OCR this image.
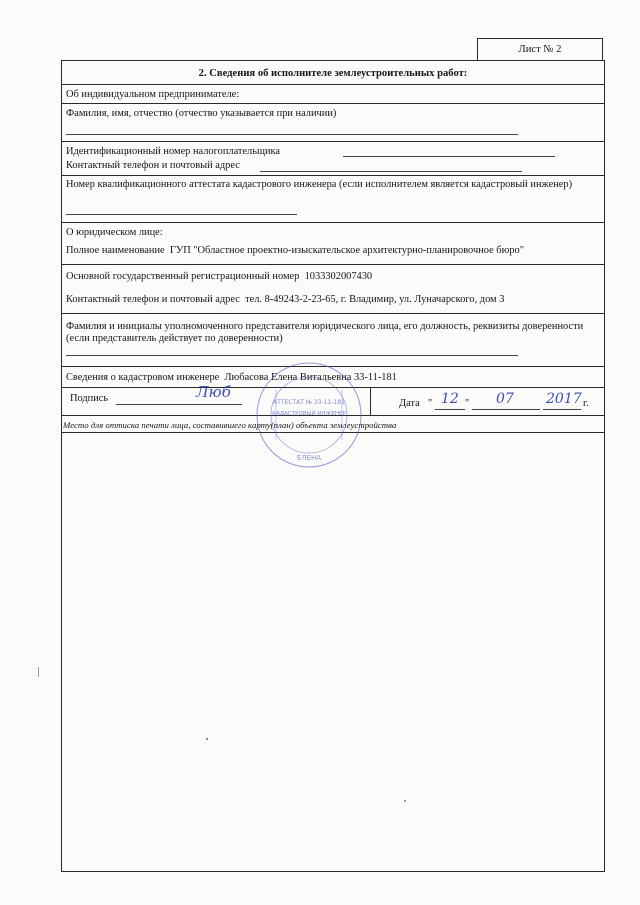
Лист № 2
2. Сведения об исполнителе землеустроительных работ:
Об индивидуальном предпринимателе:
Фамилия, имя, отчество (отчество указывается при наличии)
Идентификационный номер налогоплательщика
Контактный телефон и почтовый адрес
Номер квалификационного аттестата кадастрового инженера (если исполнителем является кадастровый инженер)
О юридическом лице:
Полное наименование ГУП "Областное проектно-изыскательское архитектурно-планировочное бюро"
Основной государственный регистрационный номер 1033302007430
Контактный телефон и почтовый адрес тел. 8-49243-2-23-65, г. Владимир, ул. Луначарского, дом 3
Фамилия и инициалы уполномоченного представителя юридического лица, его должность, реквизиты доверенности (если представитель действует по доверенности)
Сведения о кадастровом инженере Любасова Елена Витальевна 33-11-181
Подпись	Люб
Дата " 12 " 07 2017 г.
Место для оттиска печати лица, составившего карту(план) объекта землеустройства
АТТЕСТАТ № 33-11-181
КАДАСТРОВЫЙ ИНЖЕНЕР
ЕЛЕНА
